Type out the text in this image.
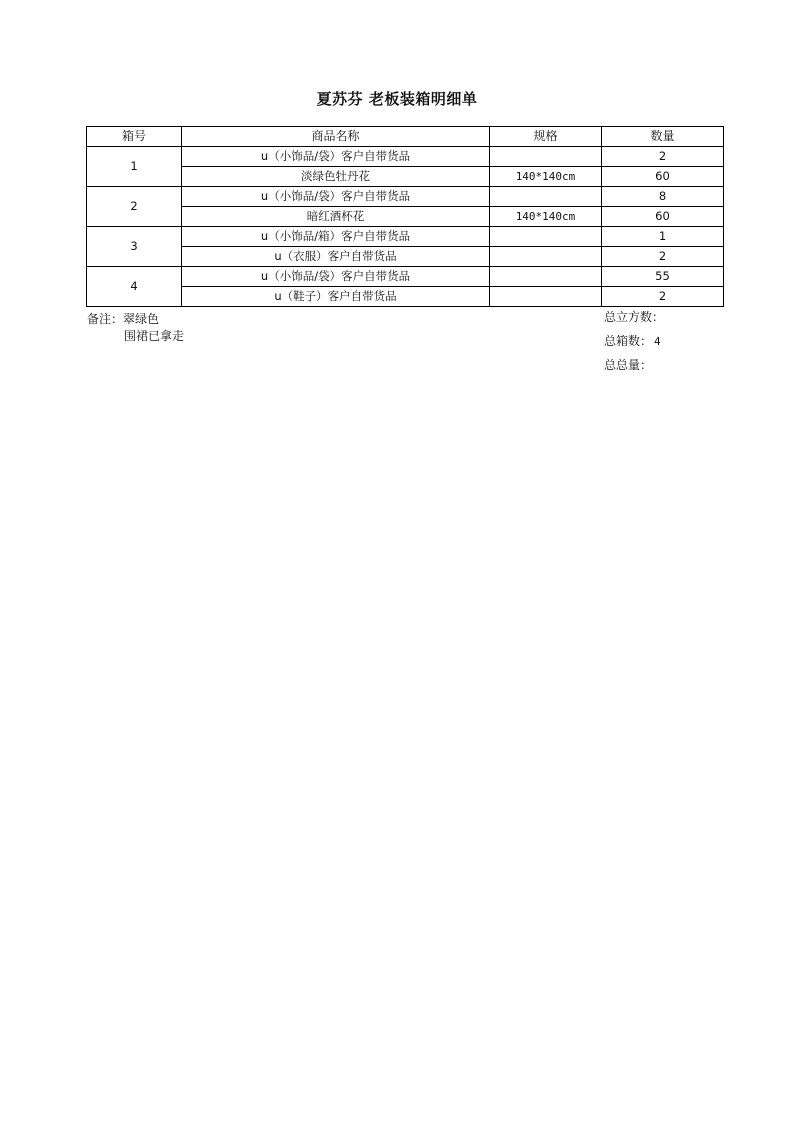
夏苏芬 老板装箱明细单
箱号	商品名称	规格	数量
1	u（小饰品/袋）客户自带货品		2
	淡绿色牡丹花	140*140cm	60
2	u（小饰品/袋）客户自带货品		8
	暗红酒杯花	140*140cm	60
3	u（小饰品/箱）客户自带货品		1
	u（衣服）客户自带货品		2
4	u（小饰品/袋）客户自带货品		55
	u（鞋子）客户自带货品		2
备注：翠绿色
围裙已拿走
总立方数：
总箱数： 4
总总量：
